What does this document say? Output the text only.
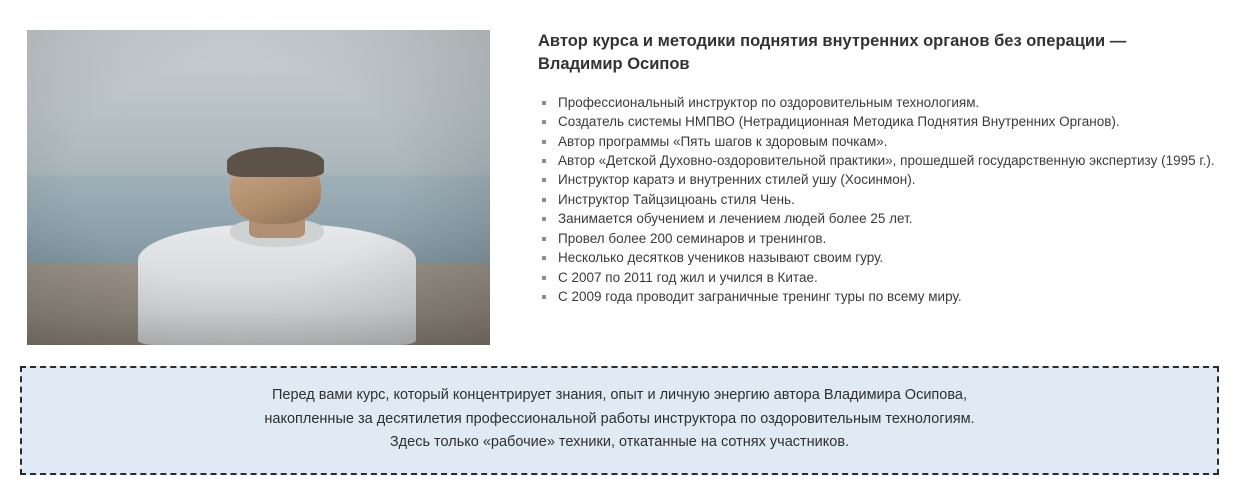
Автор курса и методики поднятия внутренних органов без операции — Владимир Осипов
Профессиональный инструктор по оздоровительным технологиям.
Создатель системы НМПВО (Нетрадиционная Методика Поднятия Внутренних Органов).
Автор программы «Пять шагов к здоровым почкам».
Автор «Детской Духовно-оздоровительной практики», прошедшей государственную экспертизу (1995 г.).
Инструктор каратэ и внутренних стилей ушу (Хосинмон).
Инструктор Тайцзицюань стиля Чень.
Занимается обучением и лечением людей более 25 лет.
Провел более 200 семинаров и тренингов.
Несколько десятков учеников называют своим гуру.
С 2007 по 2011 год жил и учился в Китае.
С 2009 года проводит заграничные тренинг туры по всему миру.

Перед вами курс, который концентрирует знания, опыт и личную энергию автора Владимира Осипова,

накопленные за десятилетия профессиональной работы инструктора по оздоровительным технологиям.

Здесь только «рабочие» техники, откатанные на сотнях участников.
